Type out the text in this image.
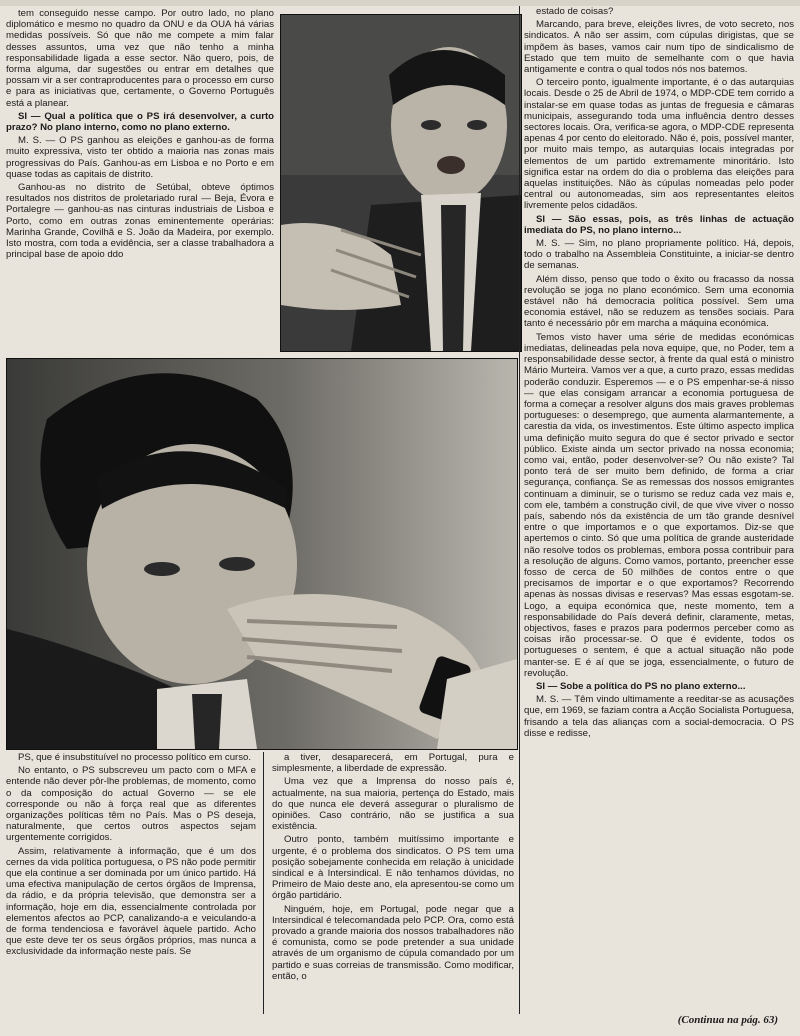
tem conseguido nesse campo. Por outro lado, no plano diplomático e mesmo no quadro da ONU e da OUA há várias medidas possíveis. Só que não me compete a mim falar desses assuntos, uma vez que não tenho a minha responsabilidade ligada a esse sector. Não quero, pois, de forma alguma, dar sugestões ou entrar em detalhes que possam vir a ser contraproducentes para o processo em curso e para as iniciativas que, certamente, o Governo Português está a planear.

SI — Qual a política que o PS irá desenvolver, a curto prazo? No plano interno, como no plano externo.

M. S. — O PS ganhou as eleições e ganhou-as de forma muito expressiva, visto ter obtido a maioria nas zonas mais progressivas do País. Ganhou-as em Lisboa e no Porto e em quase todas as capitais de distrito.

Ganhou-as no distrito de Setúbal, obteve óptimos resultados nos distritos de proletariado rural — Beja, Évora e Portalegre — ganhou-as nas cinturas industriais de Lisboa e Porto, como em outras zonas eminentemente operárias: Marinha Grande, Covilhã e S. João da Madeira, por exemplo. Isto mostra, com toda a evidência, ser a classe trabalhadora a principal base de apoio ddo

estado de coisas?

Marcando, para breve, eleições livres, de voto secreto, nos sindicatos. A não ser assim, com cúpulas dirigistas, que se impõem às bases, vamos cair num tipo de sindicalismo de Estado que tem muito de semelhante com o que havia antigamente e contra o qual todos nós nos batemos.

O terceiro ponto, igualmente importante, é o das autarquias locais. Desde o 25 de Abril de 1974, o MDP-CDE tem corrido a instalar-se em quase todas as juntas de freguesia e câmaras municipais, assegurando toda uma influência dentro desses sectores locais. Ora, verifica-se agora, o MDP-CDE representa apenas 4 por cento do eleitorado. Não é, pois, possível manter, por muito mais tempo, as autarquias locais integradas por elementos de um partido extremamente minoritário. Isto significa estar na ordem do dia o problema das eleições para aquelas instituições. Não às cúpulas nomeadas pelo poder central ou autonomeadas, sim aos representantes eleitos livremente pelos cidadãos.

SI — São essas, pois, as três linhas de actuação imediata do PS, no plano interno...

M. S. — Sim, no plano propriamente político. Há, depois, todo o trabalho na Assembleia Constituinte, a iniciar-se dentro de semanas.

Além disso, penso que todo o êxito ou fracasso da nossa revolução se joga no plano económico. Sem uma economia estável não há democracia política possível. Sem uma economia estável, não se reduzem as tensões sociais. Para tanto é necessário pôr em marcha a máquina económica.

Temos visto haver uma série de medidas económicas imediatas, delineadas pela nova equipe, que, no Poder, tem a responsabilidade desse sector, à frente da qual está o ministro Mário Murteira. Vamos ver a que, a curto prazo, essas medidas poderão conduzir. Esperemos — e o PS empenhar-se-á nisso — que elas consigam arrancar a economia portuguesa de forma a começar a resolver alguns dos mais graves problemas portugueses: o desemprego, que aumenta alarmantemente, a carestia da vida, os investimentos. Este último aspecto implica uma definição muito segura do que é sector privado e sector público. Existe ainda um sector privado na nossa economia; como vai, então, poder desenvolver-se? Ou não existe? Tal ponto terá de ser muito bem definido, de forma a criar segurança, confiança. Se as remessas dos nossos emigrantes continuam a diminuir, se o turismo se reduz cada vez mais e, com ele, também a construção civil, de que vive viver o nosso país, sabendo nós da existência de um tão grande desnível entre o que importamos e o que exportamos. Diz-se que apertemos o cinto. Só que uma política de grande austeridade não resolve todos os problemas, embora possa contribuir para a resolução de alguns. Como vamos, portanto, preencher esse fosso de cerca de 50 milhões de contos entre o que precisamos de importar e o que exportamos? Recorrendo apenas às nossas divisas e reservas? Mas essas esgotam-se. Logo, a equipa económica que, neste momento, tem a responsabilidade do País deverá definir, claramente, metas, objectivos, fases e prazos para podermos perceber como as coisas irão processar-se. O que é evidente, todos os portugueses o sentem, é que a actual situação não pode manter-se. E é aí que se joga, essencialmente, o futuro de revolução.

SI — Sobe a política do PS no plano externo...

M. S. — Têm vindo ultimamente a reeditar-se as acusações que, em 1969, se faziam contra a Acção Socialista Portuguesa, frisando a tela das alianças com a social-democracia. O PS disse e redisse,

PS, que é insubstituível no processo político em curso.

No entanto, o PS subscreveu um pacto com o MFA e entende não dever pôr-lhe problemas, de momento, como o da composição do actual Governo — se ele corresponde ou não à força real que as diferentes organizações políticas têm no País. Mas o PS deseja, naturalmente, que certos outros aspectos sejam urgentemente corrigidos.

Assim, relativamente à informação, que é um dos cernes da vida política portuguesa, o PS não pode permitir que ela continue a ser dominada por um único partido. Há uma efectiva manipulação de certos órgãos de Imprensa, da rádio, e da própria televisão, que demonstra ser a informação, hoje em dia, essencialmente controlada por elementos afectos ao PCP, canalizando-a e veiculando-a de forma tendenciosa e favorável àquele partido. Acho que este deve ter os seus órgãos próprios, mas nunca a exclusividade da informação neste país. Se

a tiver, desaparecerá, em Portugal, pura e simplesmente, a liberdade de expressão.

Uma vez que a Imprensa do nosso país é, actualmente, na sua maioria, pertença do Estado, mais do que nunca ele deverá assegurar o pluralismo de opiniões. Caso contrário, não se justifica a sua existência.

Outro ponto, também muitíssimo importante e urgente, é o problema dos sindicatos. O PS tem uma posição sobejamente conhecida em relação à unicidade sindical e à Intersindical. E não tenhamos dúvidas, no Primeiro de Maio deste ano, ela apresentou-se como um órgão partidário.

Ninguém, hoje, em Portugal, pode negar que a Intersindical é telecomandada pelo PCP. Ora, como está provado a grande maioria dos nossos trabalhadores não é comunista, como se pode pretender a sua unidade através de um organismo de cúpula comandado por um partido e suas correias de transmissão. Como modificar, então, o

(Continua na pág. 63)
